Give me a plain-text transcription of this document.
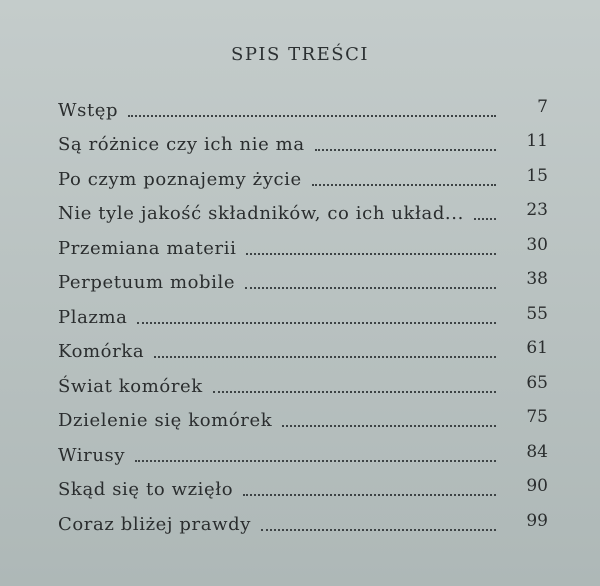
SPIS TREŚCI
Wstęp	7
Są różnice czy ich nie ma	11
Po czym poznajemy życie	15
Nie tyle jakość składników, co ich układ...	23
Przemiana materii	30
Perpetuum mobile	38
Plazma	55
Komórka	61
Świat komórek	65
Dzielenie się komórek	75
Wirusy	84
Skąd się to wzięło	90
Coraz bliżej prawdy	99
